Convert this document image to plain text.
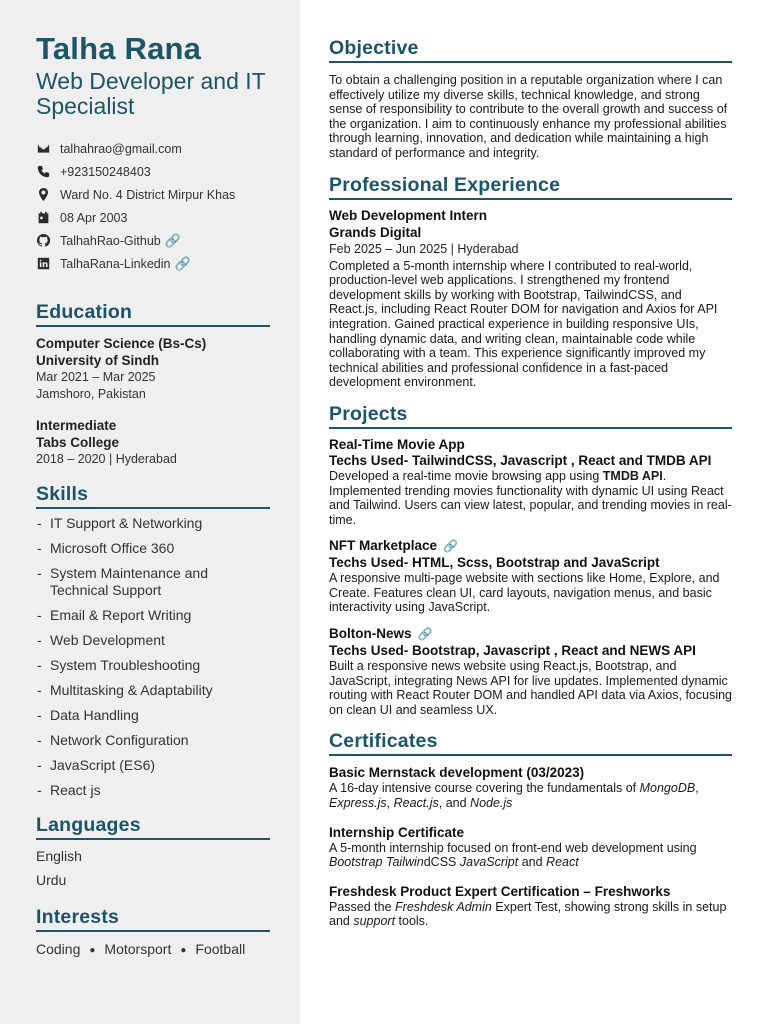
Talha Rana
Web Developer and IT Specialist
talhahrao@gmail.com
+923150248403
Ward No. 4 District Mirpur Khas
08 Apr 2003
TalhahRao-Github 🔗
TalhaRana-Linkedin 🔗
Education
Computer Science (Bs-Cs)
University of Sindh
Mar 2021 – Mar 2025
Jamshoro, Pakistan
Intermediate
Tabs College
2018 – 2020 | Hyderabad
Skills
- IT Support & Networking
- Microsoft Office 360
- System Maintenance and Technical Support
- Email & Report Writing
- Web Development
- System Troubleshooting
- Multitasking & Adaptability
- Data Handling
- Network Configuration
- JavaScript (ES6)
- React js
Languages
English
Urdu
Interests
Coding ● Motorsport ● Football
Objective

To obtain a challenging position in a reputable organization where I can effectively utilize my diverse skills, technical knowledge, and strong sense of responsibility to contribute to the overall growth and success of the organization. I aim to continuously enhance my professional abilities through learning, innovation, and dedication while maintaining a high standard of performance and integrity.

Professional Experience
Web Development Intern
Grands Digital
Feb 2025 – Jun 2025 | Hyderabad

Completed a 5-month internship where I contributed to real-world, production-level web applications. I strengthened my frontend development skills by working with Bootstrap, TailwindCSS, and React.js, including React Router DOM for navigation and Axios for API integration. Gained practical experience in building responsive UIs, handling dynamic data, and writing clean, maintainable code while collaborating with a team. This experience significantly improved my technical abilities and professional confidence in a fast-paced development environment.

Projects
Real-Time Movie App
Techs Used- TailwindCSS, Javascript , React and TMDB API

Developed a real-time movie browsing app using TMDB API. Implemented trending movies functionality with dynamic UI using React and Tailwind. Users can view latest, popular, and trending movies in real-time.

NFT Marketplace 🔗
Techs Used- HTML, Scss, Bootstrap and JavaScript

A responsive multi-page website with sections like Home, Explore, and Create. Features clean UI, card layouts, navigation menus, and basic interactivity using JavaScript.

Bolton-News 🔗
Techs Used- Bootstrap, Javascript , React and NEWS API

Built a responsive news website using React.js, Bootstrap, and JavaScript, integrating News API for live updates. Implemented dynamic routing with React Router DOM and handled API data via Axios, focusing on clean UI and seamless UX.

Certificates
Basic Mernstack development (03/2023)

A 16-day intensive course covering the fundamentals of MongoDB, Express.js, React.js, and Node.js

Internship Certificate

A 5-month internship focused on front-end web development using Bootstrap TailwindCSS JavaScript and React

Freshdesk Product Expert Certification – Freshworks

Passed the Freshdesk Admin Expert Test, showing strong skills in setup and support tools.
